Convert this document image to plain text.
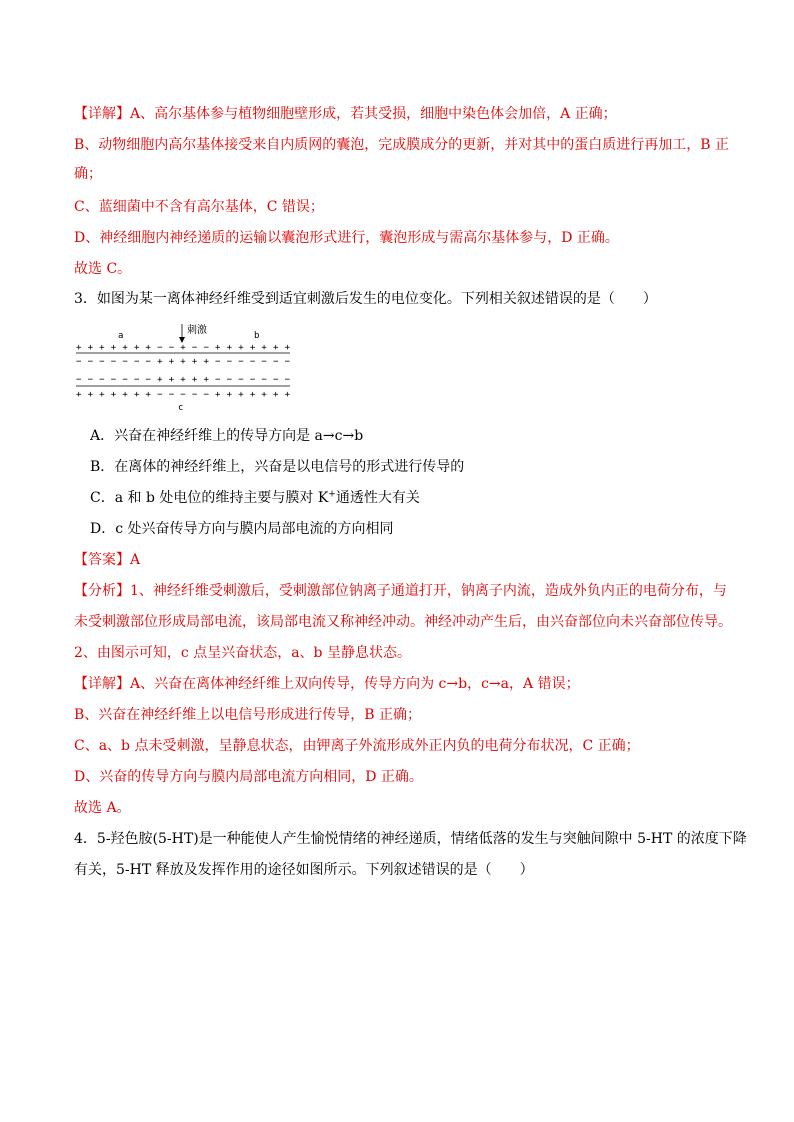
【详解】A、高尔基体参与植物细胞壁形成，若其受损，细胞中染色体会加倍，A 正确；
B、动物细胞内高尔基体接受来自内质网的囊泡，完成膜成分的更新，并对其中的蛋白质进行再加工，B 正
确；
C、蓝细菌中不含有高尔基体，C 错误；
D、神经细胞内神经递质的运输以囊泡形式进行，囊泡形成与需高尔基体参与，D 正确。
故选 C。
3．如图为某一离体神经纤维受到适宜刺激后发生的电位变化。下列相关叙述错误的是（　　）
a	b
刺激
+ + + + + + + − − + − − + + + + + + +
− − − − − − − + + + + + − − − − − − −
− − − − − − − + + + + + − − − − − − −
+ + + + + + + − − − − − + + + + + + +
c
A．兴奋在神经纤维上的传导方向是 a→c→b
B．在离体的神经纤维上，兴奋是以电信号的形式进行传导的
C．a 和 b 处电位的维持主要与膜对 K+通透性大有关
D．c 处兴奋传导方向与膜内局部电流的方向相同
【答案】A
【分析】1、神经纤维受刺激后，受刺激部位钠离子通道打开，钠离子内流，造成外负内正的电荷分布，与
未受刺激部位形成局部电流，该局部电流又称神经冲动。神经冲动产生后，由兴奋部位向未兴奋部位传导。
2、由图示可知，c 点呈兴奋状态，a、b 呈静息状态。
【详解】A、兴奋在离体神经纤维上双向传导，传导方向为 c→b，c→a，A 错误；
B、兴奋在神经纤维上以电信号形成进行传导，B 正确；
C、a、b 点未受刺激，呈静息状态，由钾离子外流形成外正内负的电荷分布状况，C 正确；
D、兴奋的传导方向与膜内局部电流方向相同，D 正确。
故选 A。
4．5-羟色胺(5-HT)是一种能使人产生愉悦情绪的神经递质，情绪低落的发生与突触间隙中 5-HT 的浓度下降
有关，5-HT 释放及发挥作用的途径如图所示。下列叙述错误的是（　　）
